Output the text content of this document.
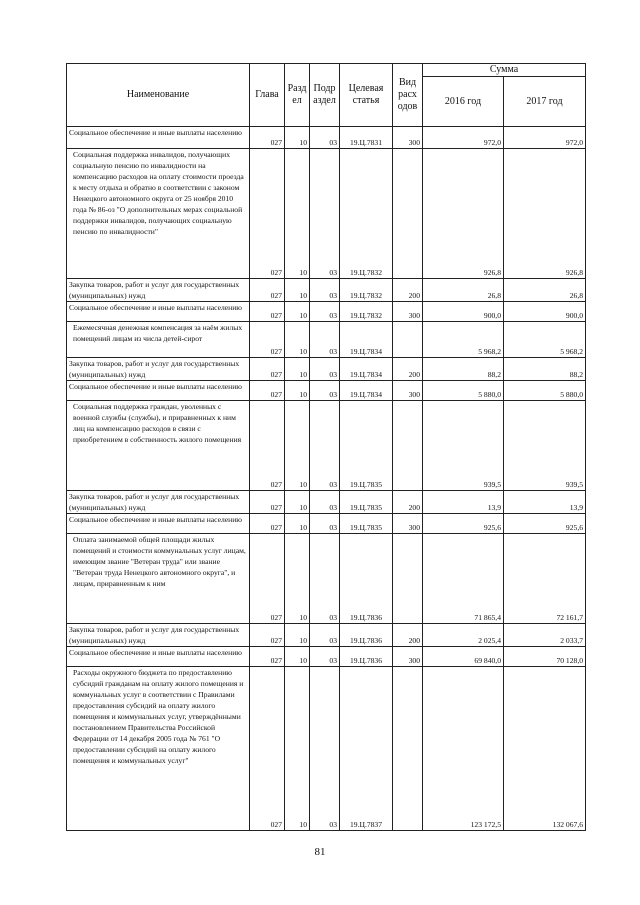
Наименование	Глава	Разд ел	Подр аздел	Целевая статья	Вид расх одов	Сумма	
						2016 год	2017 год
Социальное обеспечение и иные выплаты населению	027	10	03	19.Ц.7831	300	972,0	972,0

Социальная поддержка инвалидов, получающих социальную пенсию по инвалидности на компенсацию расходов на оплату стоимости проезда к месту отдыха и обратно в соответствии с законом Ненецкого автономного округа от 25 ноября 2010 года № 86-оз "О дополнительных мерах социальной поддержки инвалидов, получающих социальную пенсию по инвалидности"	027	10	03	19.Ц.7832		926,8	926,8
Закупка товаров, работ и услуг для государственных (муниципальных) нужд	027	10	03	19.Ц.7832	200	26,8	26,8
Социальное обеспечение и иные выплаты населению	027	10	03	19.Ц.7832	300	900,0	900,0

Ежемесячная денежная компенсация за наём жилых помещений лицам из числа детей-сирот	027	10	03	19.Ц.7834		5 968,2	5 968,2
Закупка товаров, работ и услуг для государственных (муниципальных) нужд	027	10	03	19.Ц.7834	200	88,2	88,2
Социальное обеспечение и иные выплаты населению	027	10	03	19.Ц.7834	300	5 880,0	5 880,0

Социальная поддержка граждан, уволенных с военной службы (службы), и приравненных к ним лиц на компенсацию расходов в связи с приобретением в собственность жилого помещения	027	10	03	19.Ц.7835		939,5	939,5
Закупка товаров, работ и услуг для государственных (муниципальных) нужд	027	10	03	19.Ц.7835	200	13,9	13,9
Социальное обеспечение и иные выплаты населению	027	10	03	19.Ц.7835	300	925,6	925,6

Оплата занимаемой общей площади жилых помещений и стоимости коммунальных услуг лицам, имеющим звание "Ветеран труда" или звание "Ветеран труда Ненецкого автономного округа", и лицам, приравненным к ним	027	10	03	19.Ц.7836		71 865,4	72 161,7
Закупка товаров, работ и услуг для государственных (муниципальных) нужд	027	10	03	19.Ц.7836	200	2 025,4	2 033,7
Социальное обеспечение и иные выплаты населению	027	10	03	19.Ц.7836	300	69 840,0	70 128,0

Расходы окружного бюджета по предоставлению субсидий гражданам на оплату жилого помещения и коммунальных услуг в соответствии с Правилами предоставления субсидий на оплату жилого помещения и коммунальных услуг, утверждёнными постановлением Правительства Российской Федерации от 14 декабря 2005 года № 761 "О предоставлении субсидий на оплату жилого помещения и коммунальных услуг"	027	10	03	19.Ц.7837		123 172,5	132 067,6
81
